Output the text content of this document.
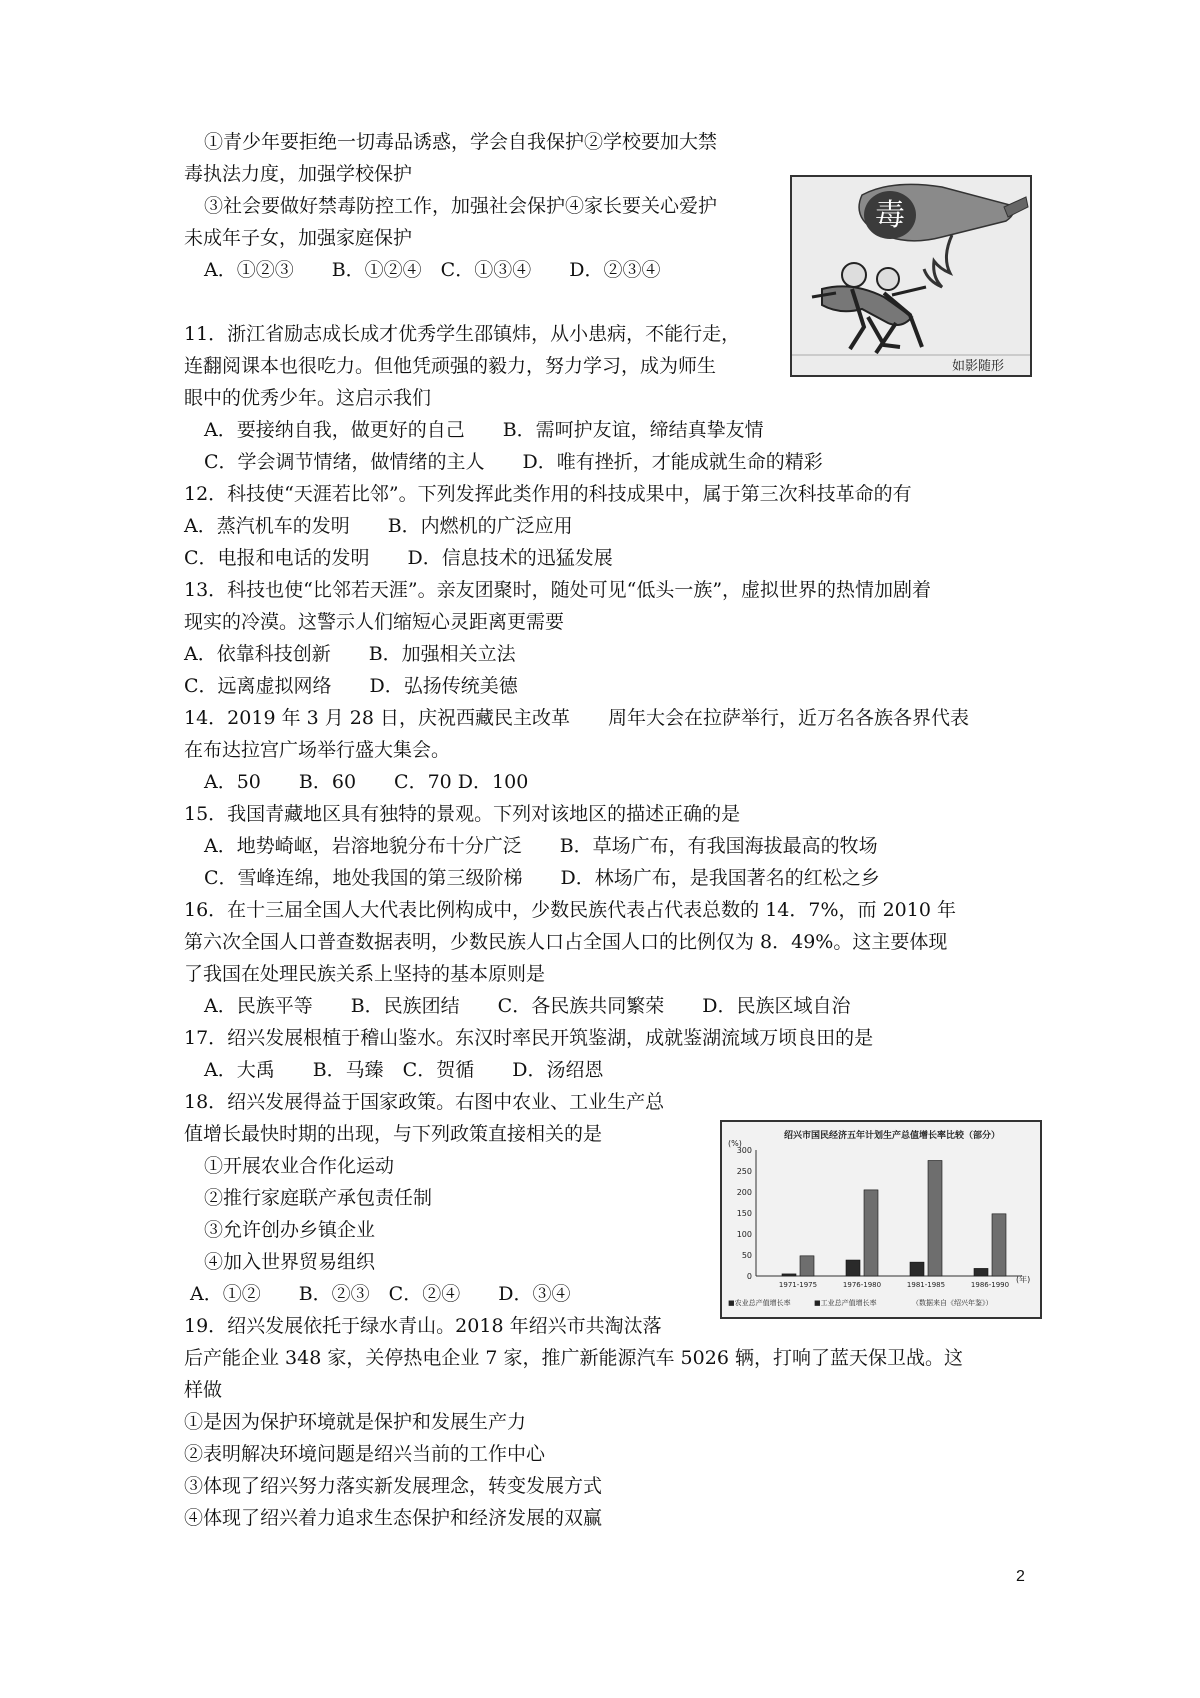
①青少年要拒绝一切毒品诱惑，学会自我保护②学校要加大禁
毒执法力度，加强学校保护
③社会要做好禁毒防控工作，加强社会保护④家长要关心爱护
未成年子女，加强家庭保护
A．①②③　　B．①②④　C．①③④　　D．②③④
11．浙江省励志成长成才优秀学生邵镇炜，从小患病，不能行走，
连翻阅课本也很吃力。但他凭顽强的毅力，努力学习，成为师生
眼中的优秀少年。这启示我们
A．要接纳自我，做更好的自己　　B．需呵护友谊，缔结真挚友情
C．学会调节情绪，做情绪的主人　　D．唯有挫折，才能成就生命的精彩
12．科技使“天涯若比邻”。下列发挥此类作用的科技成果中，属于第三次科技革命的有
A．蒸汽机车的发明　　B．内燃机的广泛应用
C．电报和电话的发明　　D．信息技术的迅猛发展
13．科技也使“比邻若天涯”。亲友团聚时，随处可见“低头一族”，虚拟世界的热情加剧着
现实的冷漠。这警示人们缩短心灵距离更需要
A．依靠科技创新　　B．加强相关立法
C．远离虚拟网络　　D．弘扬传统美德
14．2019 年 3 月 28 日，庆祝西藏民主改革　　周年大会在拉萨举行，近万名各族各界代表
在布达拉宫广场举行盛大集会。
A．50　　B．60　　C．70 D．100
15．我国青藏地区具有独特的景观。下列对该地区的描述正确的是
A．地势崎岖，岩溶地貌分布十分广泛　　B．草场广布，有我国海拔最高的牧场
C．雪峰连绵，地处我国的第三级阶梯　　D．林场广布，是我国著名的红松之乡
16．在十三届全国人大代表比例构成中，少数民族代表占代表总数的 14．7%，而 2010 年
第六次全国人口普查数据表明，少数民族人口占全国人口的比例仅为 8．49%。这主要体现
了我国在处理民族关系上坚持的基本原则是
A．民族平等　　B．民族团结　　C．各民族共同繁荣　　D．民族区域自治
17．绍兴发展根植于稽山鉴水。东汉时率民开筑鉴湖，成就鉴湖流域万顷良田的是
A．大禹　　B．马臻　C．贺循　　D．汤绍恩
18．绍兴发展得益于国家政策。右图中农业、工业生产总
值增长最快时期的出现，与下列政策直接相关的是
①开展农业合作化运动
②推行家庭联产承包责任制
③允许创办乡镇企业
④加入世界贸易组织
A．①②　　B．②③　C．②④　　D．③④
19．绍兴发展依托于绿水青山。2018 年绍兴市共淘汰落
后产能企业 348 家，关停热电企业 7 家，推广新能源汽车 5026 辆，打响了蓝天保卫战。这
样做
①是因为保护环境就是保护和发展生产力
②表明解决环境问题是绍兴当前的工作中心
③体现了绍兴努力落实新发展理念，转变发展方式
④体现了绍兴着力追求生态保护和经济发展的双赢
毒
如影随形
绍兴市国民经济五年计划生产总值增长率比较（部分）
(%)
(年)
0
50
100
150
200
250
300
1971-1975	1976-1980	1981-1985	1986-1990
■农业总产值增长率	■工业总产值增长率	（数据来自《绍兴年鉴》）
2
